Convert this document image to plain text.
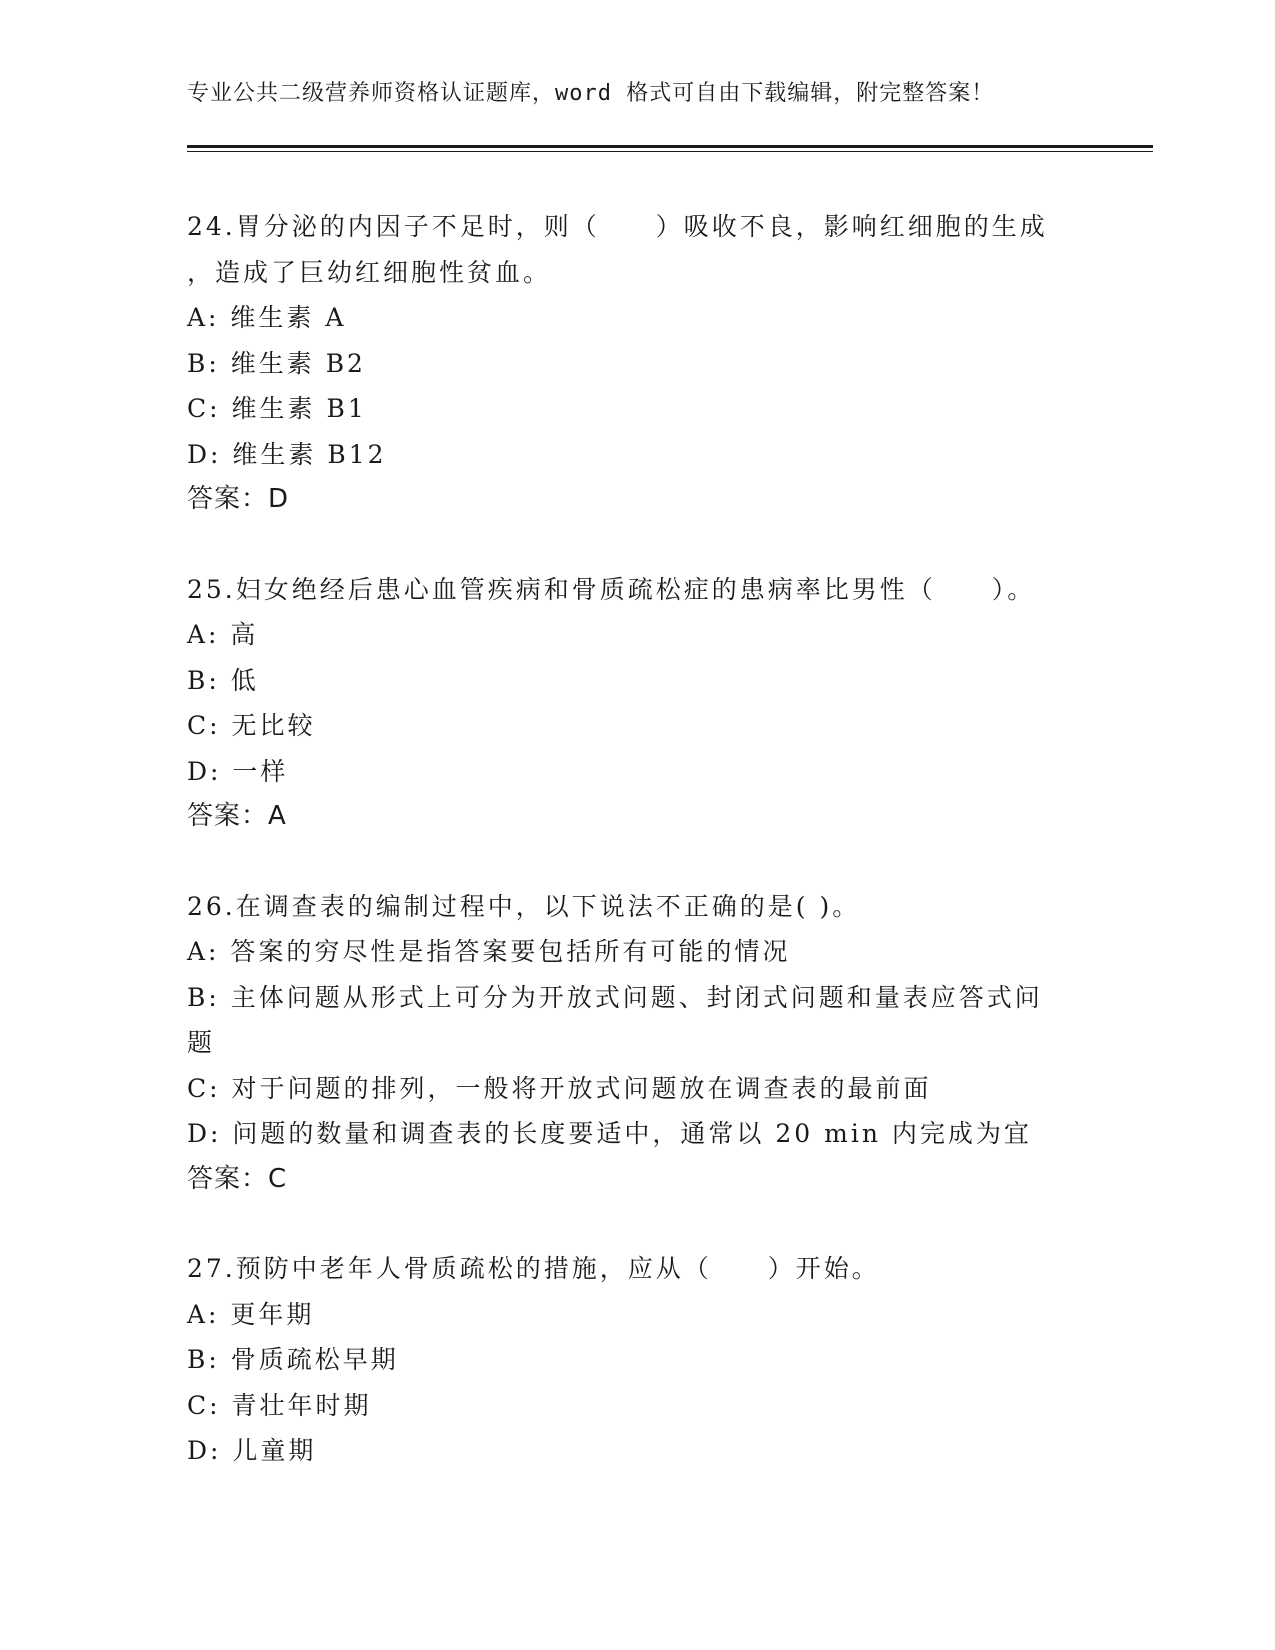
专业公共二级营养师资格认证题库，word 格式可自由下载编辑，附完整答案！
24.胃分泌的内因子不足时，则（　　）吸收不良，影响红细胞的生成
，造成了巨幼红细胞性贫血。
A: 维生素 A
B: 维生素 B2
C: 维生素 B1
D: 维生素 B12
答案：D
25.妇女绝经后患心血管疾病和骨质疏松症的患病率比男性（　　）。
A: 高
B: 低
C: 无比较
D: 一样
答案：A
26.在调查表的编制过程中，以下说法不正确的是( )。
A: 答案的穷尽性是指答案要包括所有可能的情况
B: 主体问题从形式上可分为开放式问题、封闭式问题和量表应答式问
题
C: 对于问题的排列，一般将开放式问题放在调查表的最前面
D: 问题的数量和调查表的长度要适中，通常以 20 min 内完成为宜
答案：C
27.预防中老年人骨质疏松的措施，应从（　　）开始。
A: 更年期
B: 骨质疏松早期
C: 青壮年时期
D: 儿童期
